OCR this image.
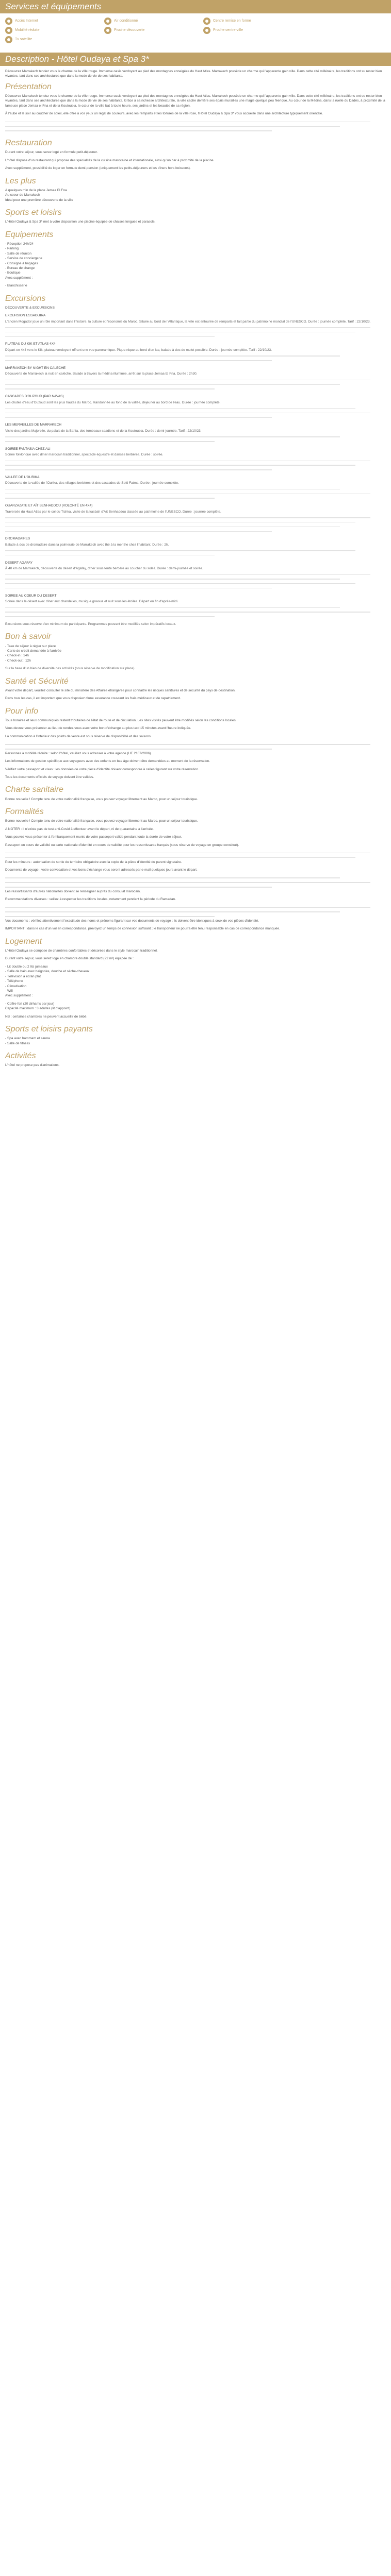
Services et équipements
Accès Internet	Air conditionné	Centre remise en forme
Mobilité réduite	Piscine découverte	Proche centre-ville
Tv satellite
Description - Hôtel Oudaya et Spa 3*

Découvrez Marrakech tendez vous le charme de la ville rouge. Immense oasis verdoyant au pied des montagnes enneigées du Haut Atlas. Marrakech possède un charme qui l'apparente gain ville. Dans cette cité millénaire, les traditions ont su rester bien vivantes, tant dans ses architectures que dans la mode de vie de ses habitants.

Présentation

Découvrez Marrakech tendez vous le charme de la ville rouge. Immense oasis verdoyant au pied des montagnes enneigées du Haut Atlas. Marrakech possède un charme qui l'apparente gain ville. Dans cette cité millénaire, les traditions ont su rester bien vivantes, tant dans ses architectures que dans la mode de vie de ses habitants. Grâce à sa richesse architecturale, la ville cache derrière ses épais murailles une magie quelque peu féerique. Au cœur de la Médina, dans la ruelle du Dadès, à proximité de la fameuse place Jemaa el Fna et de la Koutoubia, le cœur de la ville bat à toute heure, ses jardins et les beautés de sa région.

À l'aube et le soir au coucher de soleil, elle offre à vos yeux un régal de couleurs, avec les remparts et les toitures de la ville rose, l'Hôtel Oudaya & Spa 3* vous accueille dans une architecture typiquement orientale.

Restauration

Durant votre séjour, vous serez logé en formule petit-déjeuner.

L'hôtel dispose d'un restaurant qui propose des spécialités de la cuisine marocaine et internationale, ainsi qu'un bar à proximité de la piscine.

Avec supplément, possibilité de loger en formule demi-pension (uniquement les petits-déjeuners et les dîners hors boissons).

Les plus
A quelques min de la place Jemaa El Fna
Au coeur de Marrakech
Idéal pour une première découverte de la ville
Sports et loisirs

L'Hôtel Oudaya & Spa 3* met à votre disposition une piscine équipée de chaises longues et parasols.

Equipements
- Réception 24h/24
- Parking
- Salle de réunion
- Service de conciergerie
- Consigne à bagages
- Bureau de change
- Boutique

Avec supplément :

- Blanchisserie
Excursions

DÉCOUVERTE & EXCURSIONS

EXCURSION ESSAOUIRA
L'ancien Mogador joue un rôle important dans l'histoire, la culture et l'économie du Maroc. Située au bord de l'Atlantique, la ville est entourée de remparts et fait partie du patrimoine mondial de l'UNESCO. Durée : journée complète. Tarif : 22/10/23.
PLATEAU DU KIK ET ATLAS 4X4
Départ en 4x4 vers le Kik, plateau verdoyant offrant une vue panoramique. Pique-nique au bord d'un lac, balade à dos de mulet possible. Durée : journée complète. Tarif : 22/10/23.
MARRAKECH BY NIGHT EN CALECHE
Découverte de Marrakech la nuit en calèche. Balade à travers la médina illuminée, arrêt sur la place Jemaa El Fna. Durée : 2h30.
CASCADES D'OUZOUD (PAR NAVAS)
Les chutes d'eau d'Ouzoud sont les plus hautes du Maroc. Randonnée au fond de la vallée, déjeuner au bord de l'eau. Durée : journée complète.
LES MERVEILLES DE MARRAKECH
Visite des jardins Majorelle, du palais de la Bahia, des tombeaux saadiens et de la Koutoubia. Durée : demi-journée. Tarif : 22/10/23.
SOIREE FANTASIA CHEZ ALI
Soirée folklorique avec dîner marocain traditionnel, spectacle équestre et danses berbères. Durée : soirée.
VALLEE DE L'OURIKA
Découverte de la vallée de l'Ourika, des villages berbères et des cascades de Setti Fatma. Durée : journée complète.
OUARZAZATE ET AÏT BENHADDOU (VOLONTÉ EN 4X4)
Traversée du Haut Atlas par le col du Tichka, visite de la kasbah d'Aït Benhaddou classée au patrimoine de l'UNESCO. Durée : journée complète.
DROMADAIRES
Balade à dos de dromadaire dans la palmeraie de Marrakech avec thé à la menthe chez l'habitant. Durée : 2h.
DESERT AGAFAY
À 40 km de Marrakech, découverte du désert d'Agafay, dîner sous tente berbère au coucher du soleil. Durée : demi-journée et soirée.
SOIREE AU COEUR DU DESERT
Soirée dans le désert avec dîner aux chandelles, musique gnaoua et nuit sous les étoiles. Départ en fin d'après-midi.

Excursions sous réserve d'un minimum de participants. Programmes pouvant être modifiés selon impératifs locaux.

Bon à savoir
- Taxe de séjour à régler sur place
- Carte de crédit demandée à l'arrivée
- Check-in : 14h
- Check-out : 12h

Sur la base d'un bien de diversité des activités (sous réserve de modification sur place).

Santé et Sécurité

Avant votre départ, veuillez consulter le site du ministère des Affaires étrangères pour connaître les risques sanitaires et de sécurité du pays de destination.

Dans tous les cas, il est important que vous disposiez d'une assurance couvrant les frais médicaux et de rapatriement.

Pour info

Tous horaires et lieux communiqués restent tributaires de l'état de route et de circulation. Les sites visités peuvent être modifiés selon les conditions locales.

Vous devrez vous présenter au lieu de rendez-vous avec votre bon d'échange au plus tard 15 minutes avant l'heure indiquée.

La communication à l'intérieur des points de vente est sous réserve de disponibilité et des saisons.

Personnes à mobilité réduite : selon l'hôtel, veuillez vous adresser à votre agence (UE 2107/2006).

Les informations de gestion spécifique aux voyageurs avec des enfants en bas âge doivent être demandées au moment de la réservation.

Vérifiez votre passeport et visas : les données de votre pièce d'identité doivent correspondre à celles figurant sur votre réservation.

Tous les documents officiels de voyage doivent être valides.

Charte sanitaire

Bonne nouvelle ! Compte tenu de votre nationalité française, vous pouvez voyager librement au Maroc, pour un séjour touristique.

Formalités

Bonne nouvelle ! Compte tenu de votre nationalité française, vous pouvez voyager librement au Maroc, pour un séjour touristique.

A NOTER : il n'existe pas de test anti-Covid à effectuer avant le départ, ni de quarantaine à l'arrivée.

Vous pouvez vous présenter à l'embarquement munis de votre passeport valide pendant toute la durée de votre séjour.

Passeport en cours de validité ou carte nationale d'identité en cours de validité pour les ressortissants français (sous réserve de voyage en groupe constitué).

Pour les mineurs : autorisation de sortie du territoire obligatoire avec la copie de la pièce d'identité du parent signataire.

Documents de voyage : votre convocation et vos bons d'échange vous seront adressés par e-mail quelques jours avant le départ.

Les ressortissants d'autres nationalités doivent se renseigner auprès du consulat marocain.

Recommandations diverses : veillez à respecter les traditions locales, notamment pendant la période du Ramadan.

Vos documents : vérifiez attentivement l'exactitude des noms et prénoms figurant sur vos documents de voyage ; ils doivent être identiques à ceux de vos pièces d'identité.

IMPORTANT : dans le cas d'un vol en correspondance, prévoyez un temps de connexion suffisant ; le transporteur ne pourra être tenu responsable en cas de correspondance manquée.

Logement

L'Hôtel Oudaya se compose de chambres confortables et décorées dans le style marocain traditionnel.

Durant votre séjour, vous serez logé en chambre double standard (22 m²) équipée de :

- Lit double ou 2 lits jumeaux
- Salle de bain avec baignoire, douche et sèche-cheveux
- Télévision à écran plat
- Téléphone
- Climatisation
- Wifi

Avec supplément :

- Coffre-fort (20 dirhams par jour)

Capacité maximum : 3 adultes (lit d'appoint).

NB : certaines chambres ne peuvent accueillir de bébé.

Sports et loisirs payants
- Spa avec hammam et sauna
- Salle de fitness
Activités

L'hôtel ne propose pas d'animations.
